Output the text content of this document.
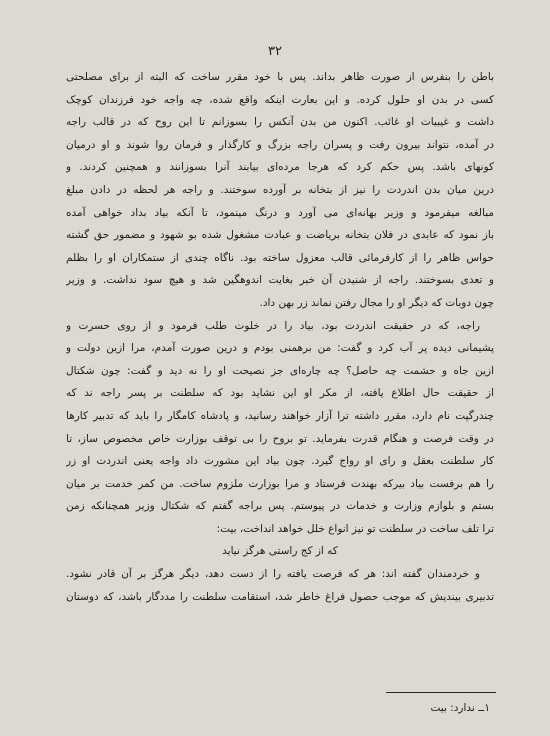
۳۲
باطن را بنفرس از صورت ظاهر بداند. پس با خود مقرر ساخت که البته از برای مصلحتی
کسی در بدن او حلول کرده. و این بعارت اینکه واقع شده، چه واجه خود فرزندان کوچک
داشت و غیبیات او غائب. اکنون من بدن آنکس را بسوزانم تا این روح که در قالب راجه
در آمده، نتواند بیرون رفت و پسران راجه بزرگ و کارگذار و فرمان روا شوند و او درمیان
کونهای باشد. پس حکم کرد که هرجا مرده‌ای بیابند آنرا بسوزانند و همچنین کردند. و
درین میان بدن اندردت را نیز از بتخانه بر آورده سوختند. و راجه هر لحظه در دادن مبلغ
مبالغه میفرمود و وزیر بهانه‌ای می آورد و درنگ مینمود، تا آنکه بیاد بداد خواهی آمده
باز نمود که عابدی در فلان بتخانه بریاضت و عبادت مشغول شده بو شهود و مضمور حق گشته
حواس ظاهر را از کارفرمائی قالب معزول ساخته بود. ناگاه چندی از ستمکاران او را بظلم
و تعدی بسوختند. راجه از شنیدن آن خبر بغایت اندوهگین شد و هیچ سود نداشت. و وزیر
چون دوبات که دیگر او را مجال رفتن نماند زر بهن داد.
راجه، که در حقیقت اندردت بود، بیاد را در خلوت طلب فرمود و از روی حسرت و
پشیمانی دیده پر آب کرد و گفت: من برهمنی بودم و درین صورت آمدم، مرا ازین دولت و
ازین جاه و حشمت چه حاصل؟ چه چاره‌ای جز نصیحت او را نه دید و گفت: چون شکتال
از حقیقت حال اطلاع یافته، از مکر او این نشاید بود که سلطنت بر پسر راجه ند که
چندرگپت نام دارد، مقرر داشته ترا آزار خواهند رسانید، و پادشاه کامگار را باید که تدبیر کارها
در وقت فرصت و هنگام قدرت بفرماید. تو بروح را بی توقف بوزارت خاص مخصوص ساز، تا
کار سلطنت بعقل و رای او رواج گیرد. چون بیاد این مشورت داد واجه یعنی اندردت او زر
را هم برفست بیاد بیرکه بهندت فرستاد و مرا بوزارت ملزوم ساخت. من کمر خدمت بر میان
بستم و بلوازم وزارت و خدمات در پیوستم. پس براجه گفتم که شکتال وزیر همچنانکه زمن
ترا تلف ساخت در سلطنت تو نیز انواع خلل خواهد انداخت، بیت:
که از کج راستی هرگز نیاید
و خردمندان گفته اند: هر که فرصت یافته را از دست دهد، دیگر هرگز بر آن قادر نشود.
تدبیری بیندیش که موجب حصول فراغ خاطر شد، استقامت سلطنت را مددگار باشد، که دوستان
۱ــ ندارد: بیت
